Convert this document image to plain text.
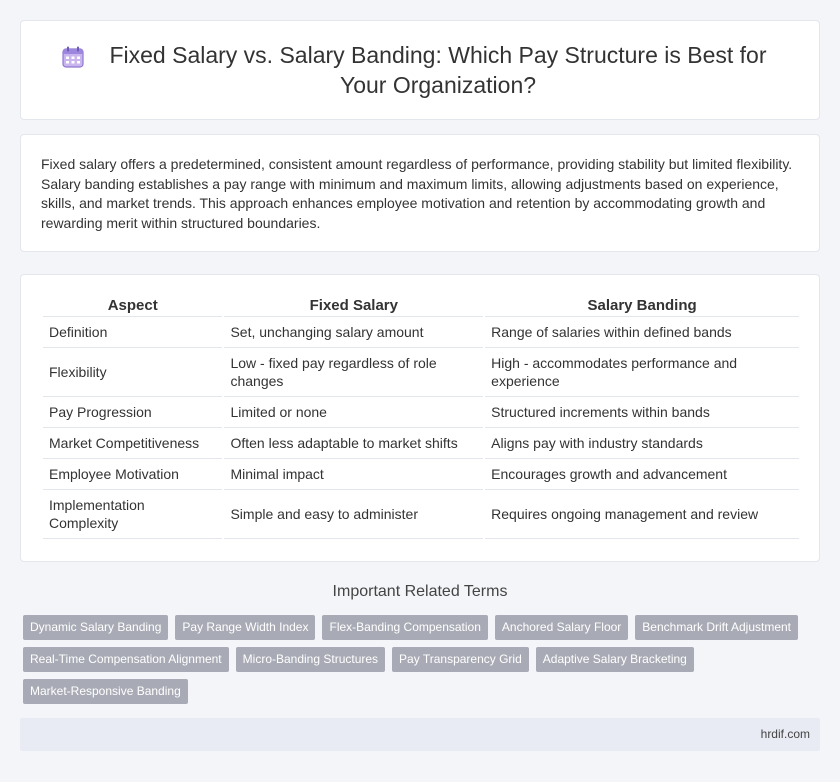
Fixed Salary vs. Salary Banding: Which Pay Structure is Best for Your Organization?

Fixed salary offers a predetermined, consistent amount regardless of performance, providing stability but limited flexibility. Salary banding establishes a pay range with minimum and maximum limits, allowing adjustments based on experience, skills, and market trends. This approach enhances employee motivation and retention by accommodating growth and rewarding merit within structured boundaries.

Aspect	Fixed Salary	Salary Banding
Definition	Set, unchanging salary amount	Range of salaries within defined bands
Flexibility	Low - fixed pay regardless of role changes	High - accommodates performance and experience
Pay Progression	Limited or none	Structured increments within bands
Market Competitiveness	Often less adaptable to market shifts	Aligns pay with industry standards
Employee Motivation	Minimal impact	Encourages growth and advancement
Implementation Complexity	Simple and easy to administer	Requires ongoing management and review
Important Related Terms
Dynamic Salary Banding	Pay Range Width Index	Flex-Banding Compensation	Anchored Salary Floor	Benchmark Drift Adjustment
Real-Time Compensation Alignment	Micro-Banding Structures	Pay Transparency Grid	Adaptive Salary Bracketing
Market-Responsive Banding
hrdif.com
